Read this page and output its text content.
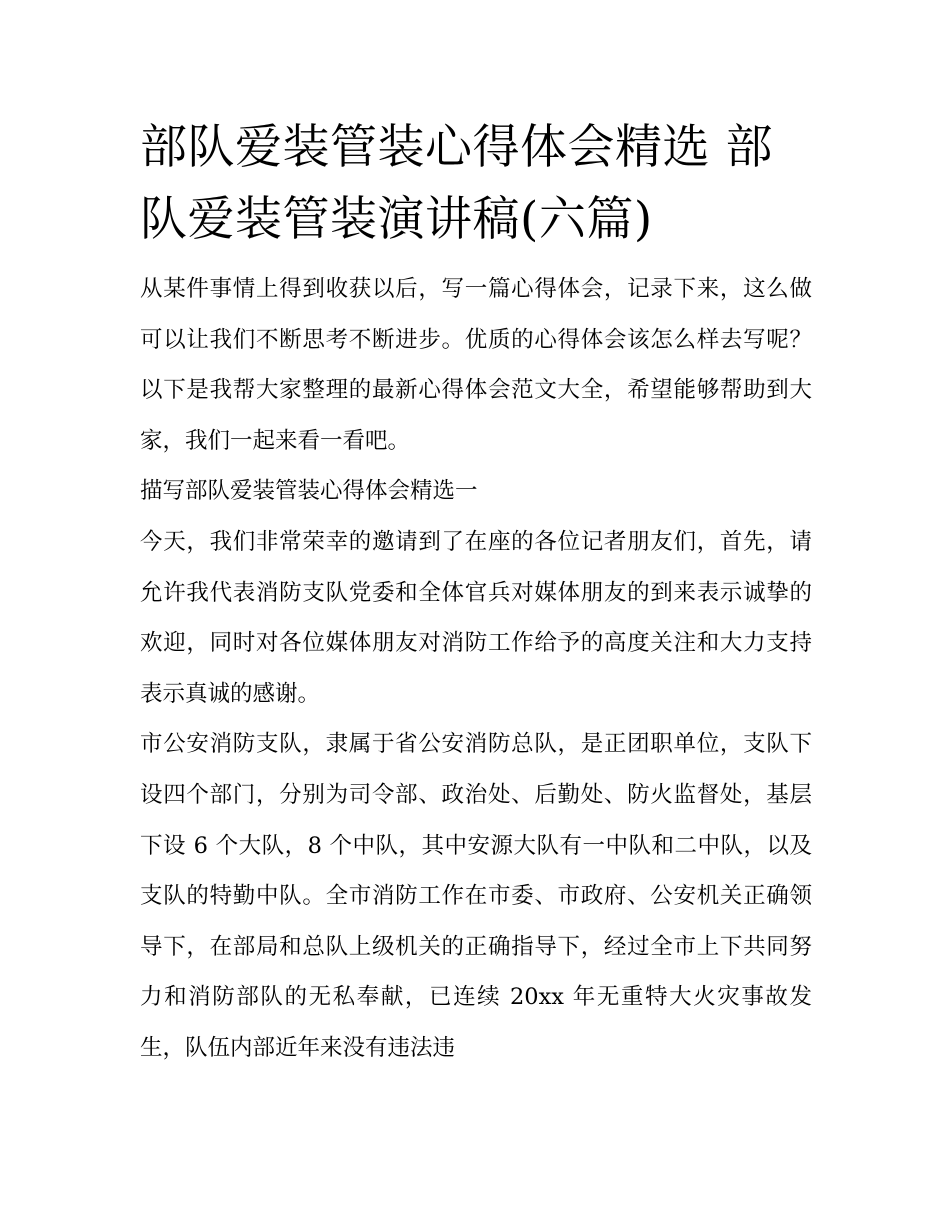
部队爱装管装心得体会精选 部队爱装管装演讲稿(六篇)

从某件事情上得到收获以后，写一篇心得体会，记录下来，这么做可以让我们不断思考不断进步。优质的心得体会该怎么样去写呢？以下是我帮大家整理的最新心得体会范文大全，希望能够帮助到大家，我们一起来看一看吧。

描写部队爱装管装心得体会精选一

今天，我们非常荣幸的邀请到了在座的各位记者朋友们，首先，请允许我代表消防支队党委和全体官兵对媒体朋友的到来表示诚挚的欢迎，同时对各位媒体朋友对消防工作给予的高度关注和大力支持表示真诚的感谢。

市公安消防支队，隶属于省公安消防总队，是正团职单位，支队下设四个部门，分别为司令部、政治处、后勤处、防火监督处，基层下设 6 个大队，8 个中队，其中安源大队有一中队和二中队，以及支队的特勤中队。全市消防工作在市委、市政府、公安机关正确领导下，在部局和总队上级机关的正确指导下，经过全市上下共同努力和消防部队的无私奉献，已连续 20xx 年无重特大火灾事故发生，队伍内部近年来没有违法违
